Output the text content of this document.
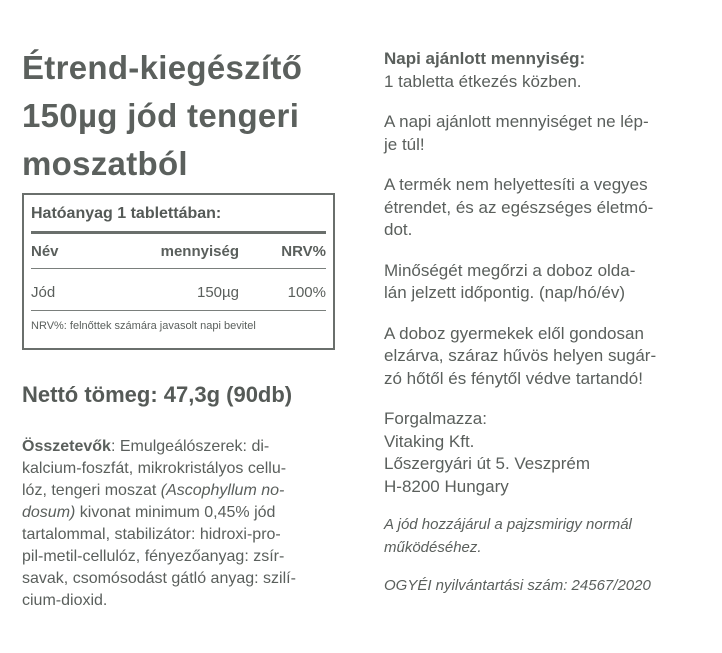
Étrend-kiegészítő
150µg jód tengeri
moszatból
Hatóanyag 1 tablettában:
Név	mennyiség	NRV%
Jód	150µg	100%
NRV%: felnőttek számára javasolt napi bevitel
Nettó tömeg: 47,3g (90db)

Összetevők: Emulgeálószerek: di-

kalcium-foszfát, mikrokristályos cellu-

lóz, tengeri moszat (Ascophyllum no-

dosum) kivonat minimum 0,45% jód

tartalommal, stabilizátor: hidroxi-pro-

pil-metil-cellulóz, fényezőanyag: zsír-

savak, csomósodást gátló anyag: szilí-

cium-dioxid.

Napi ajánlott mennyiség:

1 tabletta étkezés közben.

A napi ajánlott mennyiséget ne lép-

je túl!

A termék nem helyettesíti a vegyes

étrendet, és az egészséges életmó-

dot.

Minőségét megőrzi a doboz olda-

lán jelzett időpontig. (nap/hó/év)

A doboz gyermekek elől gondosan

elzárva, száraz hűvös helyen sugár-

zó hőtől és fénytől védve tartandó!

Forgalmazza:

Vitaking Kft.

Lőszergyári út 5. Veszprém

H-8200 Hungary

A jód hozzájárul a pajzsmirigy normál

működéséhez.

OGYÉI nyilvántartási szám: 24567/2020
